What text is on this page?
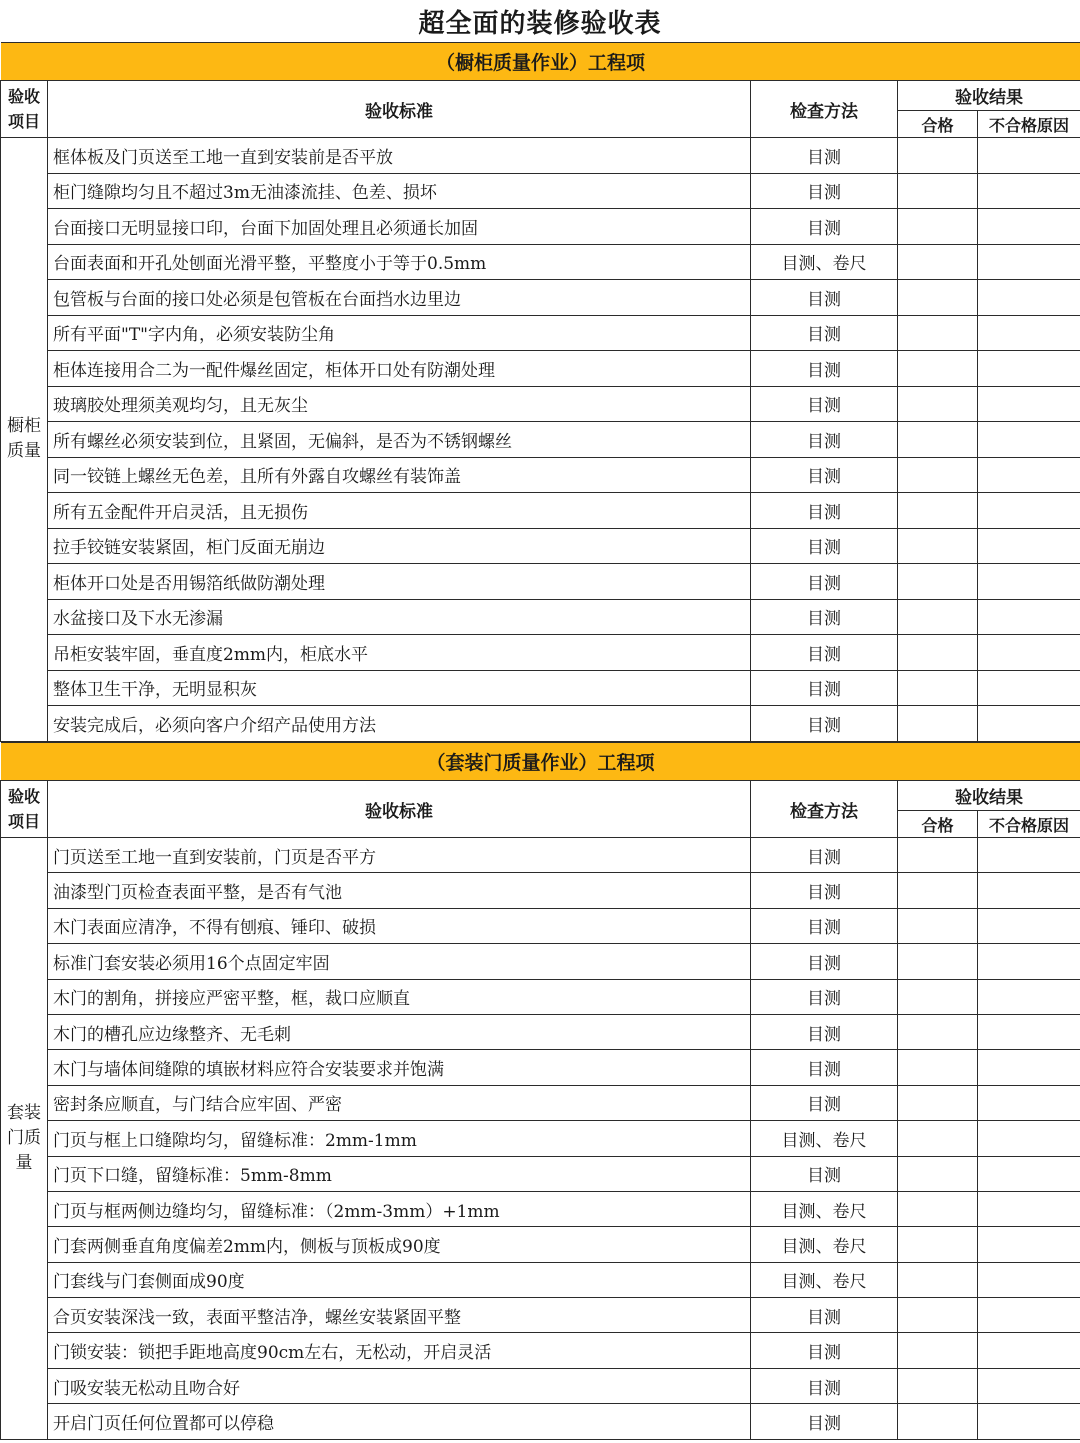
超全面的装修验收表
（橱柜质量作业）工程项				
验收
项目	验收标准	检查方法	验收结果	
			合格	不合格原因

橱柜
质量	框体板及门页送至工地一直到安装前是否平放	目测		
	柜门缝隙均匀且不超过3m无油漆流挂、色差、损坏	目测		
	台面接口无明显接口印，台面下加固处理且必须通长加固	目测		
	台面表面和开孔处刨面光滑平整，平整度小于等于0.5mm	目测、卷尺		
	包管板与台面的接口处必须是包管板在台面挡水边里边	目测		
	所有平面"T"字内角，必须安装防尘角	目测		
	柜体连接用合二为一配件爆丝固定，柜体开口处有防潮处理	目测		
	玻璃胶处理须美观均匀，且无灰尘	目测		
	所有螺丝必须安装到位，且紧固，无偏斜，是否为不锈钢螺丝	目测		
	同一铰链上螺丝无色差，且所有外露自攻螺丝有装饰盖	目测		
	所有五金配件开启灵活，且无损伤	目测		
	拉手铰链安装紧固，柜门反面无崩边	目测		
	柜体开口处是否用锡箔纸做防潮处理	目测		
	水盆接口及下水无渗漏	目测		
	吊柜安装牢固，垂直度2mm内，柜底水平	目测		
	整体卫生干净，无明显积灰	目测		
	安装完成后，必须向客户介绍产品使用方法	目测		
（套装门质量作业）工程项				
验收
项目	验收标准	检查方法	验收结果	
			合格	不合格原因

套装
门质
量	门页送至工地一直到安装前，门页是否平方	目测		
	油漆型门页检查表面平整，是否有气池	目测		
	木门表面应清净，不得有刨痕、锤印、破损	目测		
	标准门套安装必须用16个点固定牢固	目测		
	木门的割角，拼接应严密平整，框，裁口应顺直	目测		
	木门的槽孔应边缘整齐、无毛刺	目测		
	木门与墙体间缝隙的填嵌材料应符合安装要求并饱满	目测		
	密封条应顺直，与门结合应牢固、严密	目测		
	门页与框上口缝隙均匀，留缝标准：2mm-1mm	目测、卷尺		
	门页下口缝，留缝标准：5mm-8mm	目测		
	门页与框两侧边缝均匀，留缝标准：（2mm-3mm）+1mm	目测、卷尺		
	门套两侧垂直角度偏差2mm内，侧板与顶板成90度	目测、卷尺		
	门套线与门套侧面成90度	目测、卷尺		
	合页安装深浅一致，表面平整洁净，螺丝安装紧固平整	目测		
	门锁安装：锁把手距地高度90cm左右，无松动，开启灵活	目测		
	门吸安装无松动且吻合好	目测		
	开启门页任何位置都可以停稳	目测		
